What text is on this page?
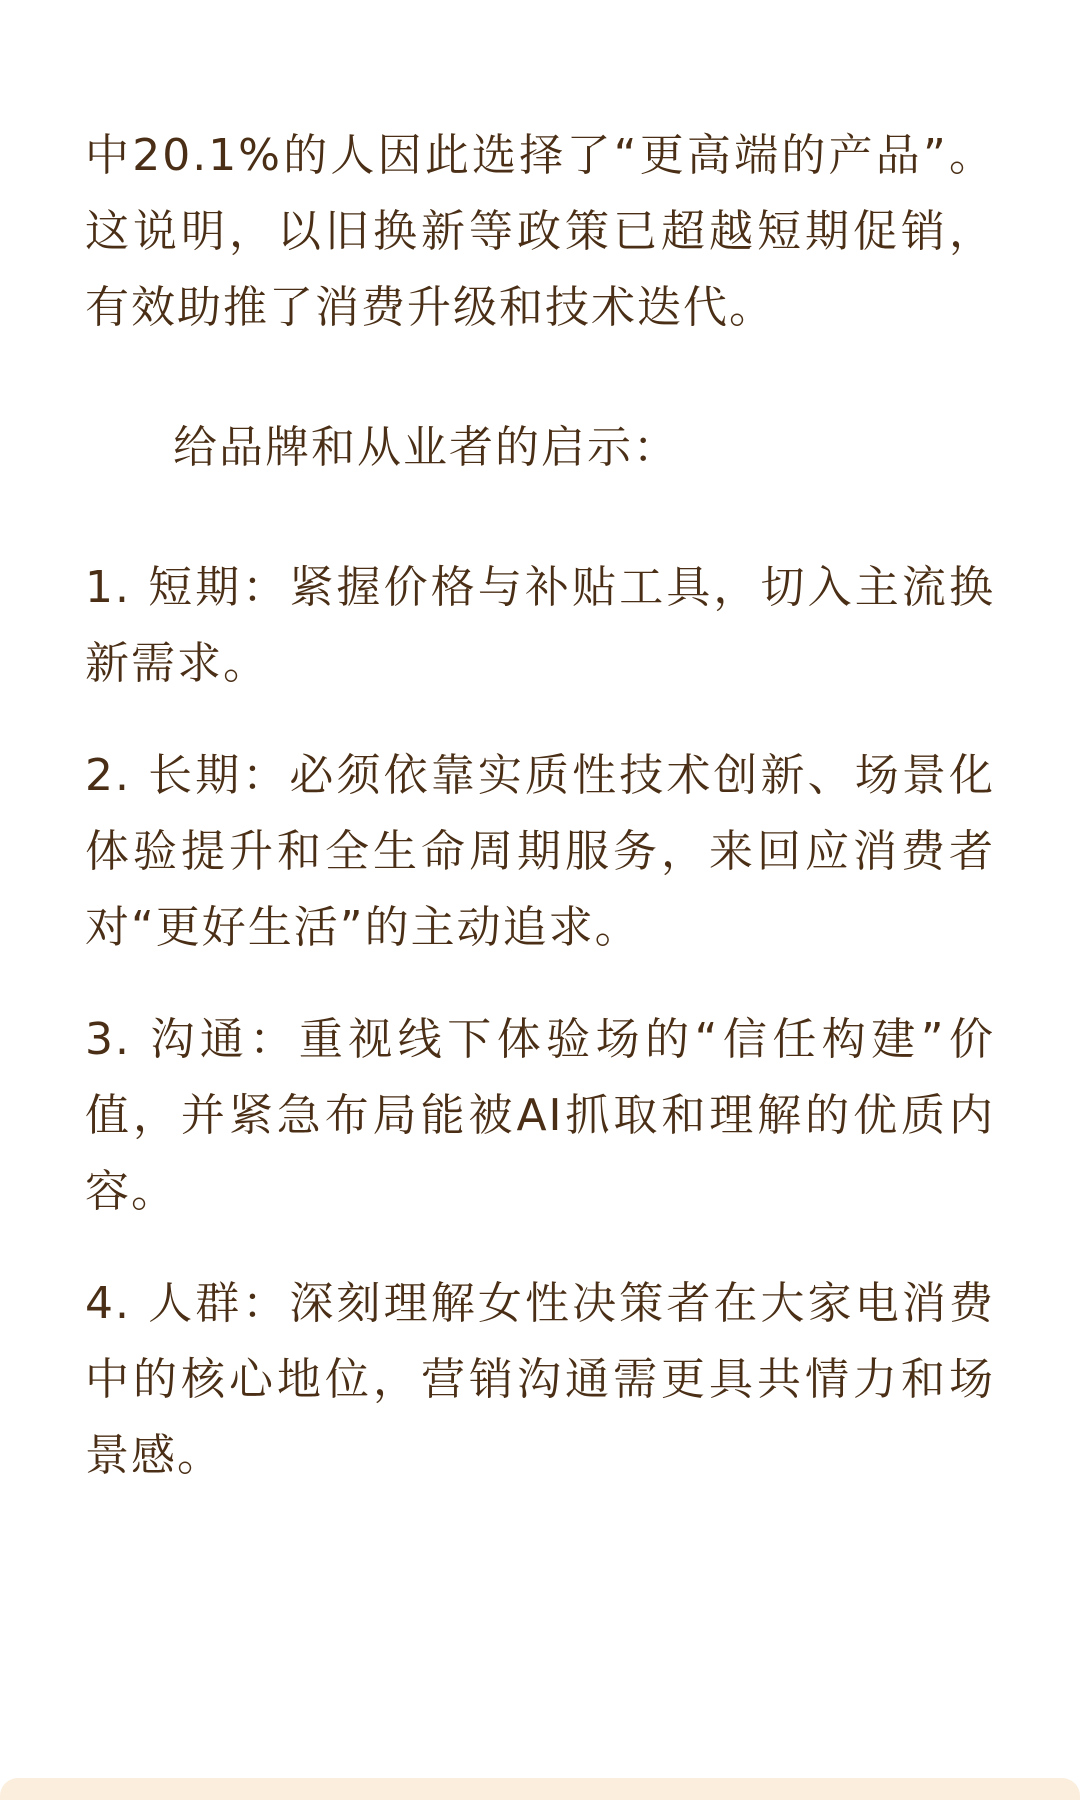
中20.1%的人因此选择了“更高端的产品”。这说明，以旧换新等政策已超越短期促销，有效助推了消费升级和技术迭代。

给品牌和从业者的启示：

1. 短期：紧握价格与补贴工具，切入主流换新需求。

2. 长期：必须依靠实质性技术创新、场景化体验提升和全生命周期服务，来回应消费者对“更好生活”的主动追求。

3. 沟通：重视线下体验场的“信任构建”价值，并紧急布局能被AI抓取和理解的优质内容。

4. 人群：深刻理解女性决策者在大家电消费中的核心地位，营销沟通需更具共情力和场景感。
